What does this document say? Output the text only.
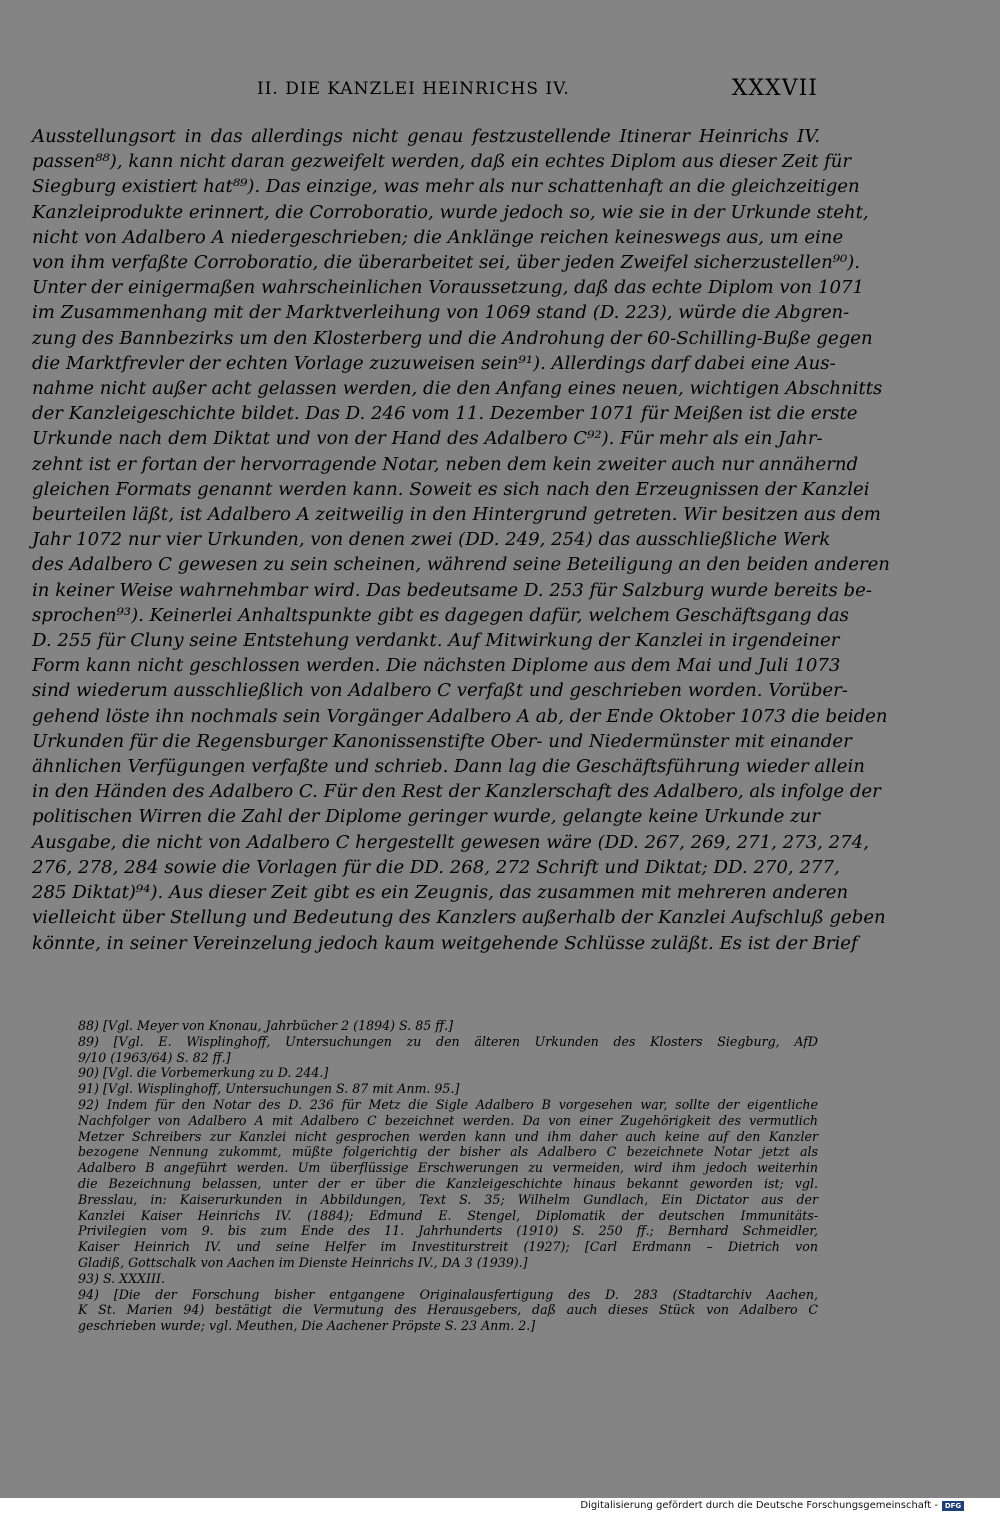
II. DIE KANZLEI HEINRICHS IV.	XXXVII
Ausstellungsort in das allerdings nicht genau festzustellende Itinerar Heinrichs IV.
passen⁸⁸), kann nicht daran gezweifelt werden, daß ein echtes Diplom aus dieser Zeit für
Siegburg existiert hat⁸⁹). Das einzige, was mehr als nur schattenhaft an die gleichzeitigen
Kanzleiprodukte erinnert, die Corroboratio, wurde jedoch so, wie sie in der Urkunde steht,
nicht von Adalbero A niedergeschrieben; die Anklänge reichen keineswegs aus, um eine
von ihm verfaßte Corroboratio, die überarbeitet sei, über jeden Zweifel sicherzustellen⁹⁰).
Unter der einigermaßen wahrscheinlichen Voraussetzung, daß das echte Diplom von 1071
im Zusammenhang mit der Marktverleihung von 1069 stand (D. 223), würde die Abgren-
zung des Bannbezirks um den Klosterberg und die Androhung der 60-Schilling-Buße gegen
die Marktfrevler der echten Vorlage zuzuweisen sein⁹¹). Allerdings darf dabei eine Aus-
nahme nicht außer acht gelassen werden, die den Anfang eines neuen, wichtigen Abschnitts
der Kanzleigeschichte bildet. Das D. 246 vom 11. Dezember 1071 für Meißen ist die erste
Urkunde nach dem Diktat und von der Hand des Adalbero C⁹²). Für mehr als ein Jahr-
zehnt ist er fortan der hervorragende Notar, neben dem kein zweiter auch nur annähernd
gleichen Formats genannt werden kann. Soweit es sich nach den Erzeugnissen der Kanzlei
beurteilen läßt, ist Adalbero A zeitweilig in den Hintergrund getreten. Wir besitzen aus dem
Jahr 1072 nur vier Urkunden, von denen zwei (DD. 249, 254) das ausschließliche Werk
des Adalbero C gewesen zu sein scheinen, während seine Beteiligung an den beiden anderen
in keiner Weise wahrnehmbar wird. Das bedeutsame D. 253 für Salzburg wurde bereits be-
sprochen⁹³). Keinerlei Anhaltspunkte gibt es dagegen dafür, welchem Geschäftsgang das
D. 255 für Cluny seine Entstehung verdankt. Auf Mitwirkung der Kanzlei in irgendeiner
Form kann nicht geschlossen werden. Die nächsten Diplome aus dem Mai und Juli 1073
sind wiederum ausschließlich von Adalbero C verfaßt und geschrieben worden. Vorüber-
gehend löste ihn nochmals sein Vorgänger Adalbero A ab, der Ende Oktober 1073 die beiden
Urkunden für die Regensburger Kanonissenstifte Ober- und Niedermünster mit einander
ähnlichen Verfügungen verfaßte und schrieb. Dann lag die Geschäftsführung wieder allein
in den Händen des Adalbero C. Für den Rest der Kanzlerschaft des Adalbero, als infolge der
politischen Wirren die Zahl der Diplome geringer wurde, gelangte keine Urkunde zur
Ausgabe, die nicht von Adalbero C hergestellt gewesen wäre (DD. 267, 269, 271, 273, 274,
276, 278, 284 sowie die Vorlagen für die DD. 268, 272 Schrift und Diktat; DD. 270, 277,
285 Diktat)⁹⁴). Aus dieser Zeit gibt es ein Zeugnis, das zusammen mit mehreren anderen
vielleicht über Stellung und Bedeutung des Kanzlers außerhalb der Kanzlei Aufschluß geben
könnte, in seiner Vereinzelung jedoch kaum weitgehende Schlüsse zuläßt. Es ist der Brief
88) [Vgl. Meyer von Knonau, Jahrbücher 2 (1894) S. 85 ff.]
89) [Vgl. E. Wisplinghoff, Untersuchungen zu den älteren Urkunden des Klosters Siegburg, AfD
9/10 (1963/64) S. 82 ff.]
90) [Vgl. die Vorbemerkung zu D. 244.]
91) [Vgl. Wisplinghoff, Untersuchungen S. 87 mit Anm. 95.]
92) Indem für den Notar des D. 236 für Metz die Sigle Adalbero B vorgesehen war, sollte der eigentliche
Nachfolger von Adalbero A mit Adalbero C bezeichnet werden. Da von einer Zugehörigkeit des vermutlich
Metzer Schreibers zur Kanzlei nicht gesprochen werden kann und ihm daher auch keine auf den Kanzler
bezogene Nennung zukommt, müßte folgerichtig der bisher als Adalbero C bezeichnete Notar jetzt als
Adalbero B angeführt werden. Um überflüssige Erschwerungen zu vermeiden, wird ihm jedoch weiterhin
die Bezeichnung belassen, unter der er über die Kanzleigeschichte hinaus bekannt geworden ist; vgl.
Bresslau, in: Kaiserurkunden in Abbildungen, Text S. 35; Wilhelm Gundlach, Ein Dictator aus der
Kanzlei Kaiser Heinrichs IV. (1884); Edmund E. Stengel, Diplomatik der deutschen Immunitäts-
Privilegien vom 9. bis zum Ende des 11. Jahrhunderts (1910) S. 250 ff.; Bernhard Schmeidler,
Kaiser Heinrich IV. und seine Helfer im Investiturstreit (1927); [Carl Erdmann – Dietrich von
Gladiß, Gottschalk von Aachen im Dienste Heinrichs IV., DA 3 (1939).]
93) S. XXXIII.
94) [Die der Forschung bisher entgangene Originalausfertigung des D. 283 (Stadtarchiv Aachen,
K St. Marien 94) bestätigt die Vermutung des Herausgebers, daß auch dieses Stück von Adalbero C
geschrieben wurde; vgl. Meuthen, Die Aachener Pröpste S. 23 Anm. 2.]
Digitalisierung gefördert durch die Deutsche Forschungsgemeinschaft - DFG
